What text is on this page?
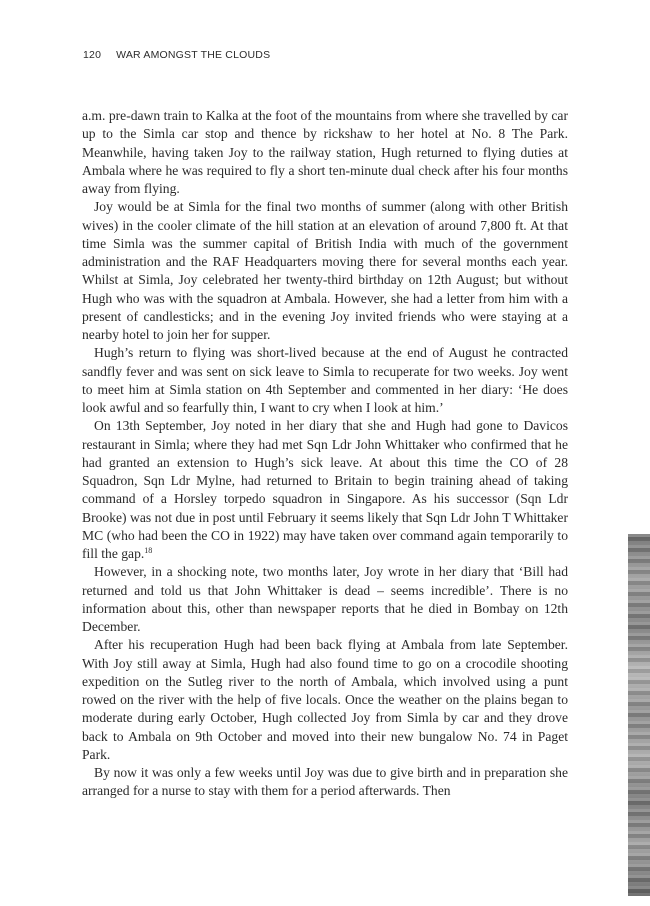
120 WAR AMONGST THE CLOUDS

a.m. pre-dawn train to Kalka at the foot of the mountains from where she travelled by car up to the Simla car stop and thence by rickshaw to her hotel at No. 8 The Park. Meanwhile, having taken Joy to the railway station, Hugh returned to flying duties at Ambala where he was required to fly a short ten-minute dual check after his four months away from flying.

Joy would be at Simla for the final two months of summer (along with other British wives) in the cooler climate of the hill station at an elevation of around 7,800 ft. At that time Simla was the summer capital of British India with much of the government administration and the RAF Headquarters moving there for several months each year. Whilst at Simla, Joy celebrated her twenty-third birthday on 12th August; but without Hugh who was with the squadron at Ambala. However, she had a letter from him with a present of candlesticks; and in the evening Joy invited friends who were staying at a nearby hotel to join her for supper.

Hugh’s return to flying was short-lived because at the end of August he contracted sandfly fever and was sent on sick leave to Simla to recuperate for two weeks. Joy went to meet him at Simla station on 4th September and commented in her diary: ‘He does look awful and so fearfully thin, I want to cry when I look at him.’

On 13th September, Joy noted in her diary that she and Hugh had gone to Davicos restaurant in Simla; where they had met Sqn Ldr John Whittaker who confirmed that he had granted an extension to Hugh’s sick leave. At about this time the CO of 28 Squadron, Sqn Ldr Mylne, had returned to Britain to begin training ahead of taking command of a Horsley torpedo squadron in Singapore. As his successor (Sqn Ldr Brooke) was not due in post until February it seems likely that Sqn Ldr John T Whittaker MC (who had been the CO in 1922) may have taken over command again temporarily to fill the gap.$^{18}$

However, in a shocking note, two months later, Joy wrote in her diary that ‘Bill had returned and told us that John Whittaker is dead – seems incredible’. There is no information about this, other than newspaper reports that he died in Bombay on 12th December.

After his recuperation Hugh had been back flying at Ambala from late September. With Joy still away at Simla, Hugh had also found time to go on a crocodile shooting expedition on the Sutleg river to the north of Ambala, which involved using a punt rowed on the river with the help of five locals. Once the weather on the plains began to moderate during early October, Hugh collected Joy from Simla by car and they drove back to Ambala on 9th October and moved into their new bungalow No. 74 in Paget Park.

By now it was only a few weeks until Joy was due to give birth and in preparation she arranged for a nurse to stay with them for a period afterwards. Then
